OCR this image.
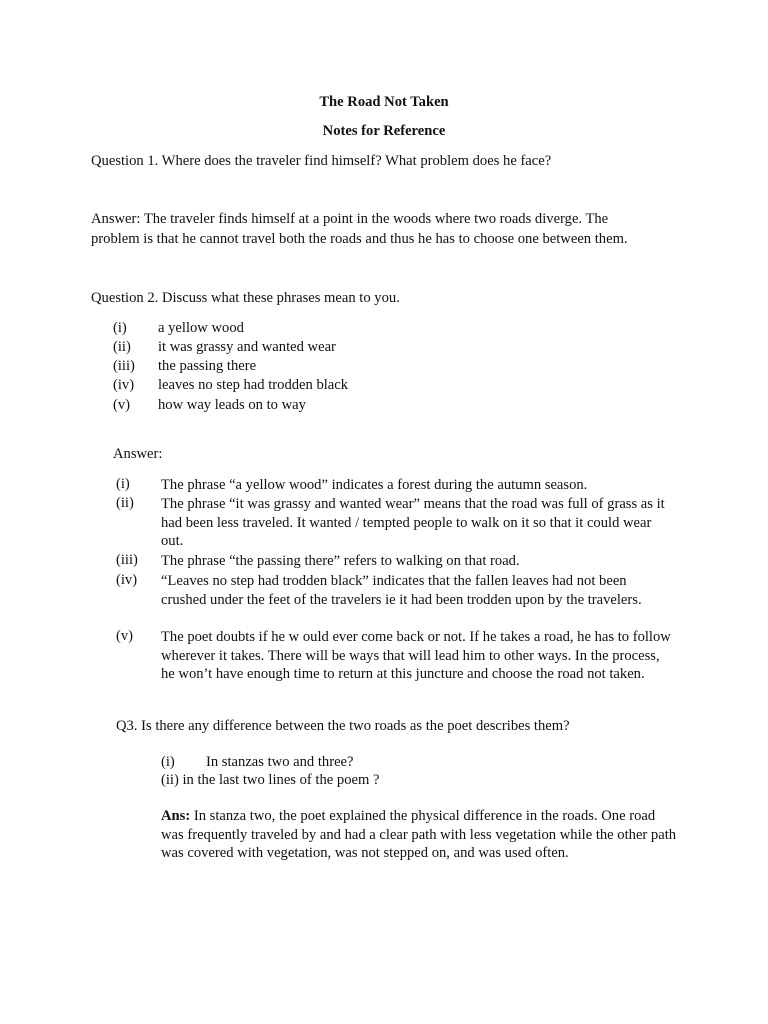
The Road Not Taken
Notes for Reference
Question 1. Where does the traveler find himself? What problem does he face?
Answer: The traveler finds himself at a point in the woods where two roads diverge. The problem is that he cannot travel both the roads and thus he has to choose one between them.
Question 2. Discuss what these phrases mean to you.
(i) a yellow wood
(ii) it was grassy and wanted wear
(iii) the passing there
(iv) leaves no step had trodden black
(v) how way leads on to way
Answer:
(i) The phrase “a yellow wood” indicates a forest during the autumn season.
(ii) The phrase “it was grassy and wanted wear” means that the road was full of grass as it had been less traveled. It wanted / tempted people to walk on it so that it could wear out.
(iii) The phrase “the passing there” refers to walking on that road.
(iv) “Leaves no step had trodden black” indicates that the fallen leaves had not been crushed under the feet of the travelers ie it had been trodden upon by the travelers.
(v) The poet doubts if he w ould ever come back or not. If he takes a road, he has to follow wherever it takes. There will be ways that will lead him to other ways. In the process, he won’t have enough time to return at this juncture and choose the road not taken.
Q3. Is there any difference between the two roads as the poet describes them?
(i) In stanzas two and three?
(ii) in the last two lines of the poem ?
Ans: In stanza two, the poet explained the physical difference in the roads. One road was frequently traveled by and had a clear path with less vegetation while the other path was covered with vegetation, was not stepped on, and was used often.
